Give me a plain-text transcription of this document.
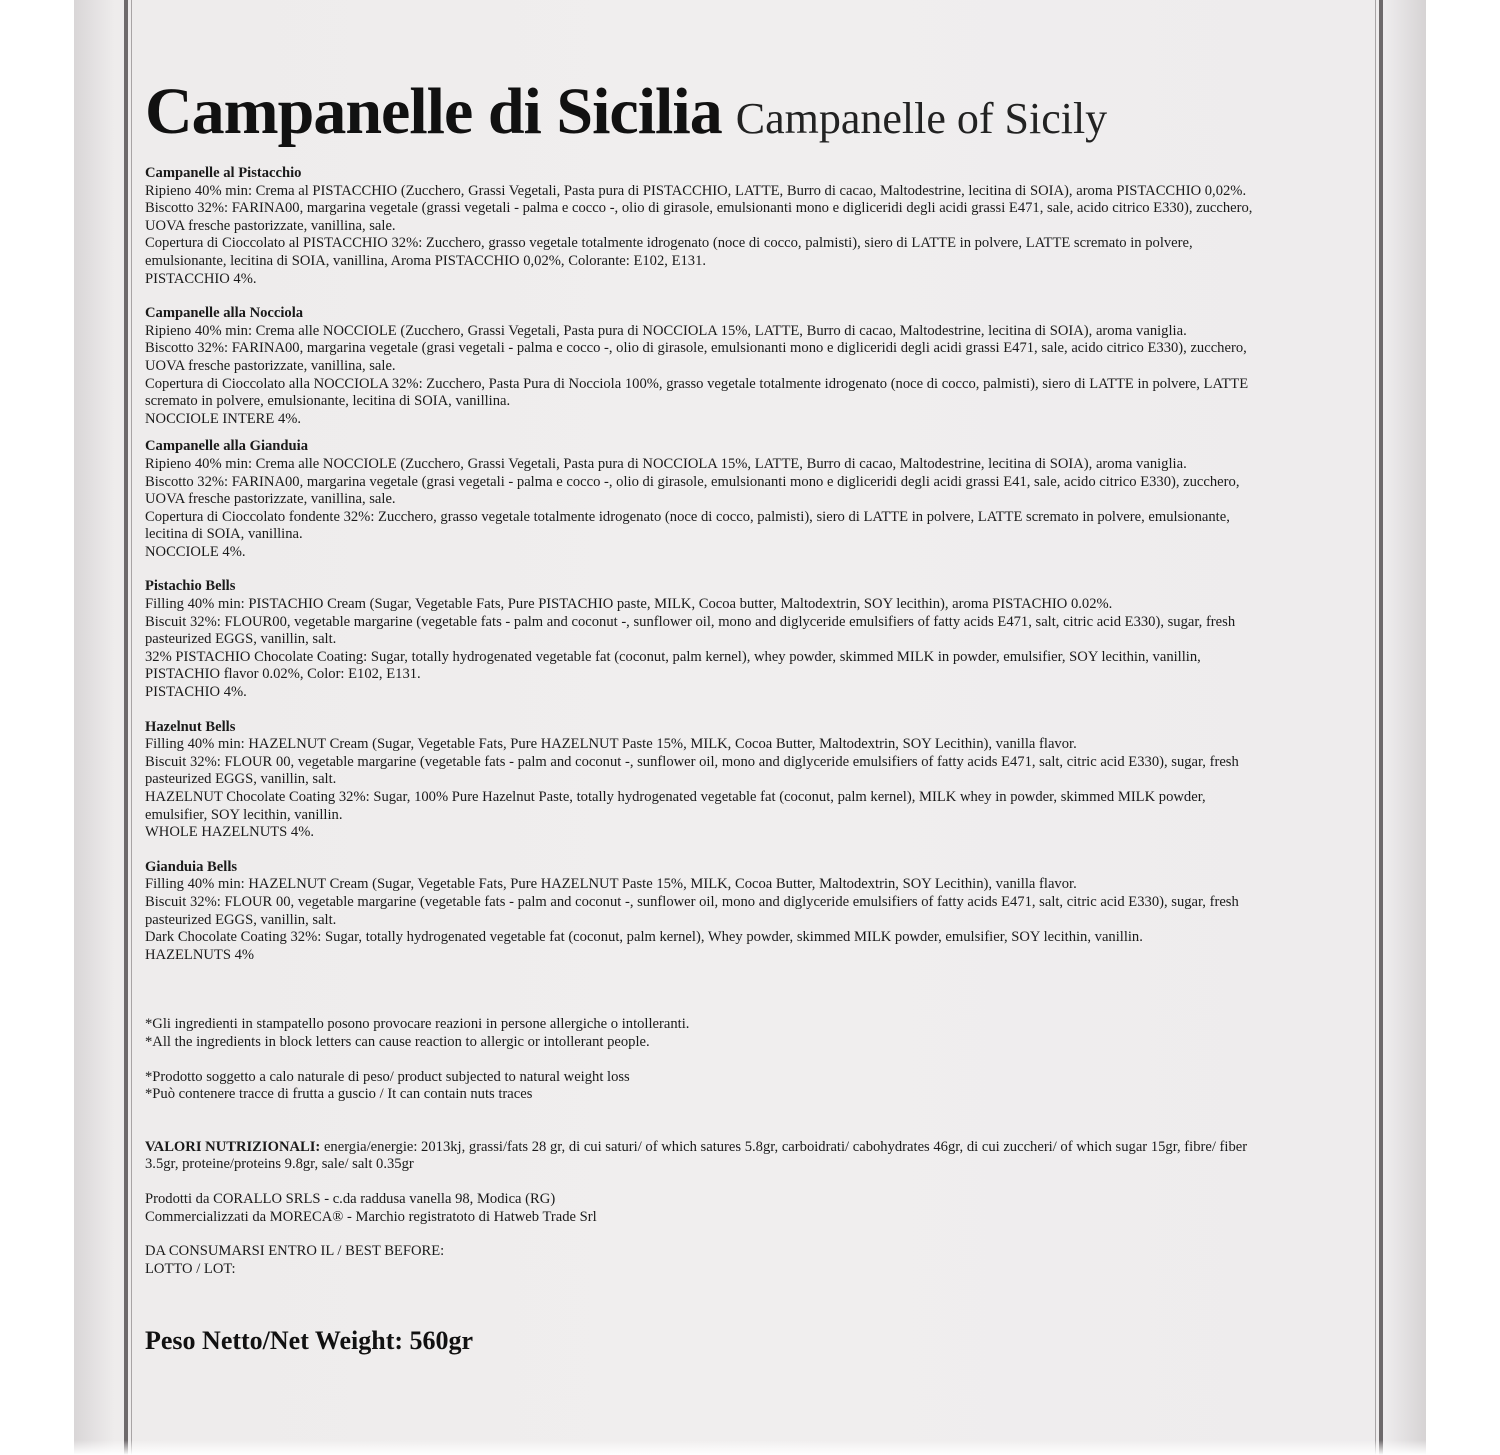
Campanelle di Sicilia Campanelle of Sicily
Campanelle al Pistacchio
Ripieno 40% min: Crema al PISTACCHIO (Zucchero, Grassi Vegetali, Pasta pura di PISTACCHIO, LATTE, Burro di cacao, Maltodestrine, lecitina di SOIA), aroma PISTACCHIO 0,02%.
Biscotto 32%: FARINA00, margarina vegetale (grassi vegetali - palma e cocco -, olio di girasole, emulsionanti mono e digliceridi degli acidi grassi E471, sale, acido citrico E330), zucchero,
UOVA fresche pastorizzate, vanillina, sale.
Copertura di Cioccolato al PISTACCHIO 32%: Zucchero, grasso vegetale totalmente idrogenato (noce di cocco, palmisti), siero di LATTE in polvere, LATTE scremato in polvere,
emulsionante, lecitina di SOIA, vanillina, Aroma PISTACCHIO 0,02%, Colorante: E102, E131.
PISTACCHIO 4%.
Campanelle alla Nocciola
Ripieno 40% min: Crema alle NOCCIOLE (Zucchero, Grassi Vegetali, Pasta pura di NOCCIOLA 15%, LATTE, Burro di cacao, Maltodestrine, lecitina di SOIA), aroma vaniglia.
Biscotto 32%: FARINA00, margarina vegetale (grasi vegetali - palma e cocco -, olio di girasole, emulsionanti mono e digliceridi degli acidi grassi E471, sale, acido citrico E330), zucchero,
UOVA fresche pastorizzate, vanillina, sale.
Copertura di Cioccolato alla NOCCIOLA 32%: Zucchero, Pasta Pura di Nocciola 100%, grasso vegetale totalmente idrogenato (noce di cocco, palmisti), siero di LATTE in polvere, LATTE
scremato in polvere, emulsionante, lecitina di SOIA, vanillina.
NOCCIOLE INTERE 4%.
Campanelle alla Gianduia
Ripieno 40% min: Crema alle NOCCIOLE (Zucchero, Grassi Vegetali, Pasta pura di NOCCIOLA 15%, LATTE, Burro di cacao, Maltodestrine, lecitina di SOIA), aroma vaniglia.
Biscotto 32%: FARINA00, margarina vegetale (grasi vegetali - palma e cocco -, olio di girasole, emulsionanti mono e digliceridi degli acidi grassi E41, sale, acido citrico E330), zucchero,
UOVA fresche pastorizzate, vanillina, sale.
Copertura di Cioccolato fondente 32%: Zucchero, grasso vegetale totalmente idrogenato (noce di cocco, palmisti), siero di LATTE in polvere, LATTE scremato in polvere, emulsionante,
lecitina di SOIA, vanillina.
NOCCIOLE 4%.
Pistachio Bells
Filling 40% min: PISTACHIO Cream (Sugar, Vegetable Fats, Pure PISTACHIO paste, MILK, Cocoa butter, Maltodextrin, SOY lecithin), aroma PISTACHIO 0.02%.
Biscuit 32%: FLOUR00, vegetable margarine (vegetable fats - palm and coconut -, sunflower oil, mono and diglyceride emulsifiers of fatty acids E471, salt, citric acid E330), sugar, fresh
pasteurized EGGS, vanillin, salt.
32% PISTACHIO Chocolate Coating: Sugar, totally hydrogenated vegetable fat (coconut, palm kernel), whey powder, skimmed MILK in powder, emulsifier, SOY lecithin, vanillin,
PISTACHIO flavor 0.02%, Color: E102, E131.
PISTACHIO 4%.
Hazelnut Bells
Filling 40% min: HAZELNUT Cream (Sugar, Vegetable Fats, Pure HAZELNUT Paste 15%, MILK, Cocoa Butter, Maltodextrin, SOY Lecithin), vanilla flavor.
Biscuit 32%: FLOUR 00, vegetable margarine (vegetable fats - palm and coconut -, sunflower oil, mono and diglyceride emulsifiers of fatty acids E471, salt, citric acid E330), sugar, fresh
pasteurized EGGS, vanillin, salt.
HAZELNUT Chocolate Coating 32%: Sugar, 100% Pure Hazelnut Paste, totally hydrogenated vegetable fat (coconut, palm kernel), MILK whey in powder, skimmed MILK powder,
emulsifier, SOY lecithin, vanillin.
WHOLE HAZELNUTS 4%.
Gianduia Bells
Filling 40% min: HAZELNUT Cream (Sugar, Vegetable Fats, Pure HAZELNUT Paste 15%, MILK, Cocoa Butter, Maltodextrin, SOY Lecithin), vanilla flavor.
Biscuit 32%: FLOUR 00, vegetable margarine (vegetable fats - palm and coconut -, sunflower oil, mono and diglyceride emulsifiers of fatty acids E471, salt, citric acid E330), sugar, fresh
pasteurized EGGS, vanillin, salt.
Dark Chocolate Coating 32%: Sugar, totally hydrogenated vegetable fat (coconut, palm kernel), Whey powder, skimmed MILK powder, emulsifier, SOY lecithin, vanillin.
HAZELNUTS 4%
*Gli ingredienti in stampatello posono provocare reazioni in persone allergiche o intolleranti.
*All the ingredients in block letters can cause reaction to allergic or intollerant people.
*Prodotto soggetto a calo naturale di peso/ product subjected to natural weight loss
*Può contenere tracce di frutta a guscio / It can contain nuts traces
VALORI NUTRIZIONALI: energia/energie: 2013kj, grassi/fats 28 gr, di cui saturi/ of which satures 5.8gr, carboidrati/ cabohydrates 46gr, di cui zuccheri/ of which sugar 15gr, fibre/ fiber
3.5gr, proteine/proteins 9.8gr, sale/ salt 0.35gr
Prodotti da CORALLO SRLS - c.da raddusa vanella 98, Modica (RG)
Commercializzati da MORECA® - Marchio registratoto di Hatweb Trade Srl
DA CONSUMARSI ENTRO IL / BEST BEFORE:
LOTTO / LOT:
Peso Netto/Net Weight: 560gr
